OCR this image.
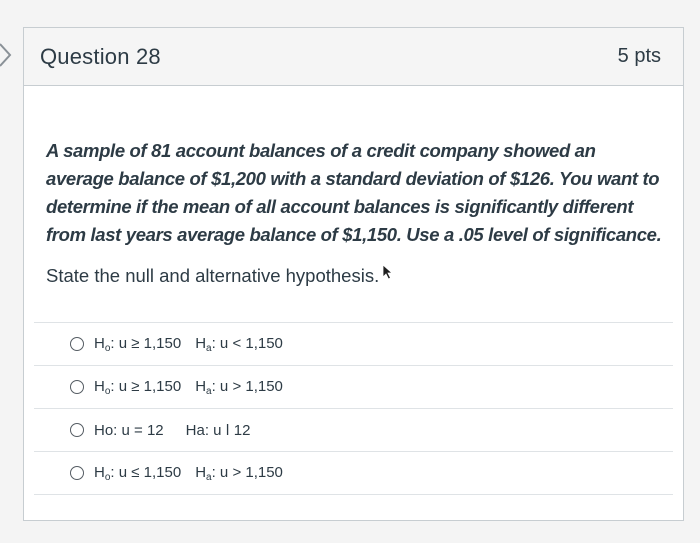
Question 28	5 pts

A sample of 81 account balances of a credit company showed an average balance of $1,200 with a standard deviation of $126. You want to determine if the mean of all account balances is significantly different from last years average balance of $1,150. Use a .05 level of significance.

State the null and alternative hypothesis.
$H_o$: u ≥ 1,150 $H_a$: u < 1,150
$H_o$: u ≥ 1,150 $H_a$: u > 1,150
Ho: u = 12 Ha: u ǀ 12
$H_o$: u ≤ 1,150 $H_a$: u > 1,150
